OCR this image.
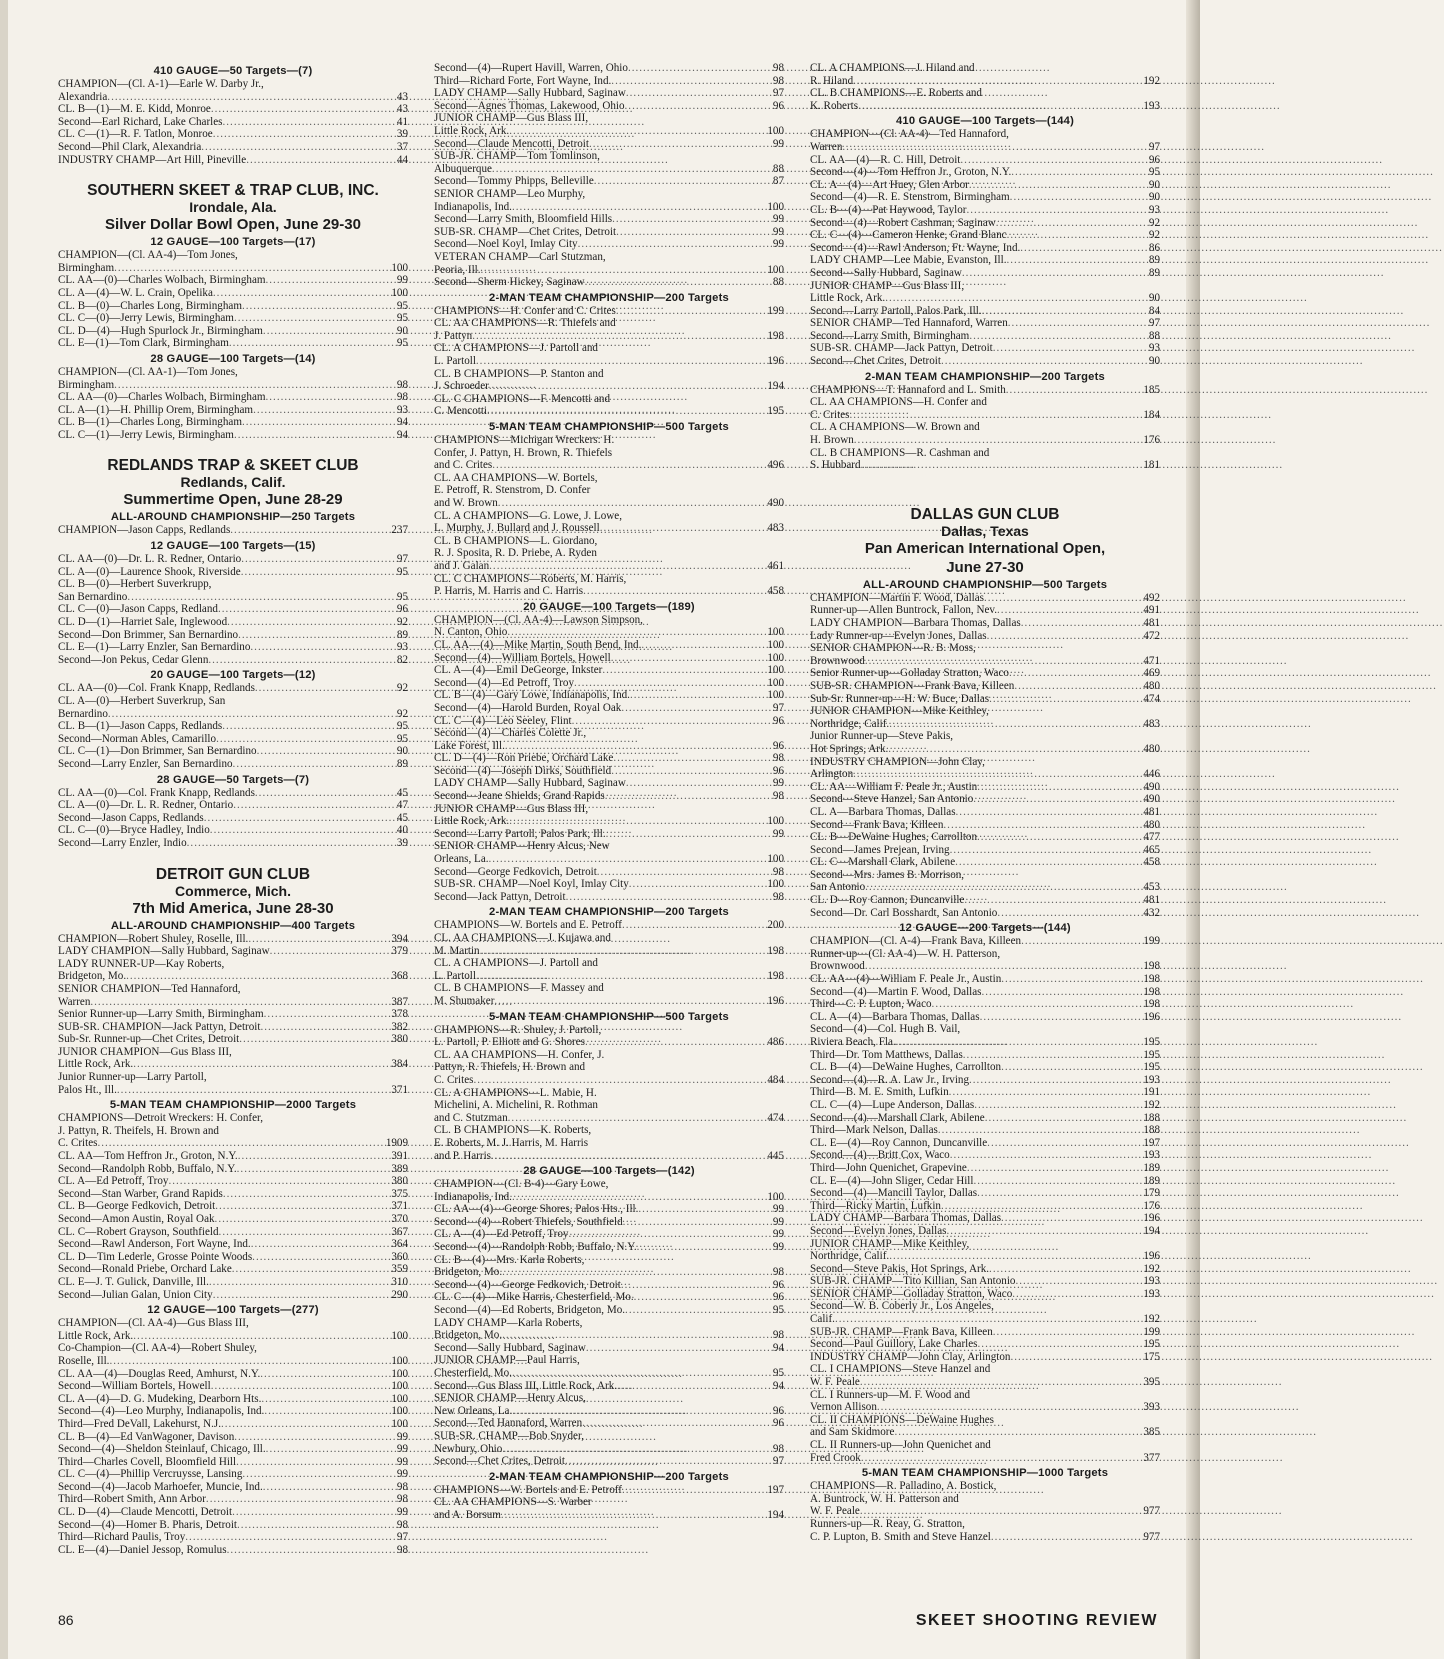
410 GAUGE—50 Targets—(7)
CHAMPION—(Cl. A-1)—Earle W. Darby Jr.,
Alexandria .....	43
CL. B—(1)—M. E. Kidd, Monroe .....	43
Second—Earl Richard, Lake Charles .....	41
CL. C—(1)—R. F. Tatlon, Monroe .....	39
Second—Phil Clark, Alexandria .....	37
INDUSTRY CHAMP—Art Hill, Pineville .....	44
SOUTHERN SKEET & TRAP CLUB, INC.
Irondale, Ala.
Silver Dollar Bowl Open, June 29-30
12 GAUGE—100 Targets—(17)
CHAMPION—(Cl. AA-4)—Tom Jones,
Birmingham .....	100
CL. AA—(0)—Charles Wolbach, Birmingham .....	99
CL. A—(4)—W. L. Crain, Opelika .....	100
CL. B—(0)—Charles Long, Birmingham .....	95
CL. C—(0)—Jerry Lewis, Birmingham .....	95
CL. D—(4)—Hugh Spurlock Jr., Birmingham .....	90
CL. E—(1)—Tom Clark, Birmingham .....	95
28 GAUGE—100 Targets—(14)
CHAMPION—(Cl. AA-1)—Tom Jones,
Birmingham .....	98
CL. AA—(0)—Charles Wolbach, Birmingham .....	98
CL. A—(1)—H. Phillip Orem, Birmingham .....	93
CL. B—(1)—Charles Long, Birmingham .....	94
CL. C—(1)—Jerry Lewis, Birmingham .....	94
REDLANDS TRAP & SKEET CLUB
Redlands, Calif.
Summertime Open, June 28-29
ALL-AROUND CHAMPIONSHIP—250 Targets
CHAMPION—Jason Capps, Redlands .....	237
12 GAUGE—100 Targets—(15)
CL. AA—(0)—Dr. L. R. Redner, Ontario .....	97
CL. A—(0)—Laurence Shook, Riverside .....	95
CL. B—(0)—Herbert Suverkrupp,
San Bernardino .....	95
CL. C—(0)—Jason Capps, Redland .....	96
CL. D—(1)—Harriet Sale, Inglewood .....	92
Second—Don Brimmer, San Bernardino .....	89
CL. E—(1)—Larry Enzler, San Bernardino .....	93
Second—Jon Pekus, Cedar Glenn .....	82
20 GAUGE—100 Targets—(12)
CL. AA—(0)—Col. Frank Knapp, Redlands .....	92
CL. A—(0)—Herbert Suverkrup, San
Bernardino .....	92
CL. B—(1)—Jason Capps, Redlands .....	95
Second—Norman Ables, Camarillo .....	95
CL. C—(1)—Don Brimmer, San Bernardino .....	90
Second—Larry Enzler, San Bernardino .....	89
28 GAUGE—50 Targets—(7)
CL. AA—(0)—Col. Frank Knapp, Redlands .....	45
CL. A—(0)—Dr. L. R. Redner, Ontario .....	47
Second—Jason Capps, Redlands .....	45
CL. C—(0)—Bryce Hadley, Indio .....	40
Second—Larry Enzler, Indio .....	39
DETROIT GUN CLUB
Commerce, Mich.
7th Mid America, June 28-30
ALL-AROUND CHAMPIONSHIP—400 Targets
CHAMPION—Robert Shuley, Roselle, Ill. .....	394
LADY CHAMPION—Sally Hubbard, Saginaw .....	379
LADY RUNNER-UP—Kay Roberts,
Bridgeton, Mo. .....	368
SENIOR CHAMPION—Ted Hannaford,
Warren .....	387
Senior Runner-up—Larry Smith, Birmingham .....	378
SUB-SR. CHAMPION—Jack Pattyn, Detroit .....	382
Sub-Sr. Runner-up—Chet Crites, Detroit .....	380
JUNIOR CHAMPION—Gus Blass III,
Little Rock, Ark. .....	384
Junior Runner-up—Larry Partoll,
Palos Ht., Ill. .....	371
5-MAN TEAM CHAMPIONSHIP—2000 Targets
CHAMPIONS—Detroit Wreckers: H. Confer,
J. Pattyn, R. Theifels, H. Brown and
C. Crites .....	1909
CL. AA—Tom Heffron Jr., Groton, N.Y. .....	391
Second—Randolph Robb, Buffalo, N.Y. .....	389
CL. A—Ed Petroff, Troy .....	380
Second—Stan Warber, Grand Rapids .....	375
CL. B—George Fedkovich, Detroit .....	371
Second—Amon Austin, Royal Oak .....	370
CL. C—Robert Grayson, Southfield .....	367
Second—Rawl Anderson, Fort Wayne, Ind. .....	364
CL. D—Tim Lederle, Grosse Pointe Woods .....	360
Second—Ronald Priebe, Orchard Lake .....	359
CL. E—J. T. Gulick, Danville, Ill. .....	310
Second—Julian Galan, Union City .....	290
12 GAUGE—100 Targets—(277)
CHAMPION—(Cl. AA-4)—Gus Blass III,
Little Rock, Ark. .....	100
Co-Champion—(Cl. AA-4)—Robert Shuley,
Roselle, Ill. .....	100
CL. AA—(4)—Douglas Reed, Amhurst, N.Y. .....	100
Second—William Bortels, Howell .....	100
CL. A—(4)—D. G. Mudeking, Dearborn Hts. .....	100
Second—(4)—Leo Murphy, Indianapolis, Ind. .....	100
Third—Fred DeVall, Lakehurst, N.J. .....	100
CL. B—(4)—Ed VanWagoner, Davison .....	99
Second—(4)—Sheldon Steinlauf, Chicago, Ill. .....	99
Third—Charles Covell, Bloomfield Hill .....	99
CL. C—(4)—Phillip Vercruysse, Lansing .....	99
Second—(4)—Jacob Marhoefer, Muncie, Ind. .....	98
Third—Robert Smith, Ann Arbor .....	98
CL. D—(4)—Claude Mencotti, Detroit .....	99
Second—(4)—Homer B. Pharis, Detroit .....	98
Third—Richard Paulis, Troy .....	97
CL. E—(4)—Daniel Jessop, Romulus .....	98
Second—(4)—Rupert Havill, Warren, Ohio .....	98
Third—Richard Forte, Fort Wayne, Ind. .....	98
LADY CHAMP—Sally Hubbard, Saginaw .....	97
Second—Agnes Thomas, Lakewood, Ohio .....	96
JUNIOR CHAMP—Gus Blass III,
Little Rock, Ark. .....	100
Second—Claude Mencotti, Detroit .....	99
SUB-JR. CHAMP—Tom Tomlinson,
Albuquerque .....	88
Second—Tommy Phipps, Belleville .....	87
SENIOR CHAMP—Leo Murphy,
Indianapolis, Ind. .....	100
Second—Larry Smith, Bloomfield Hills .....	99
SUB-SR. CHAMP—Chet Crites, Detroit .....	99
Second—Noel Koyl, Imlay City .....	99
VETERAN CHAMP—Carl Stutzman,
Peoria, Ill. .....	100
Second—Sherm Hickey, Saginaw .....	88
2-MAN TEAM CHAMPIONSHIP—200 Targets
CHAMPIONS—H. Confer and C. Crites .....	199
CL. AA CHAMPIONS—R. Thiefels and
J. Pattyn .....	198
CL. A CHAMPIONS—J. Partoll and
L. Partoll .....	196
CL. B CHAMPIONS—P. Stanton and
J. Schroeder .....	194
CL. C CHAMPIONS—F. Mencotti and
C. Mencotti .....	195
5-MAN TEAM CHAMPIONSHIP—500 Targets
CHAMPIONS—Michigan Wreckers: H.
Confer, J. Pattyn, H. Brown, R. Thiefels
and C. Crites .....	496
CL. AA CHAMPIONS—W. Bortels,
E. Petroff, R. Stenstrom, D. Confer
and W. Brown .....	490
CL. A CHAMPIONS—G. Lowe, J. Lowe,
L. Murphy, J. Bullard and J. Roussell .....	483
CL. B CHAMPIONS—L. Giordano,
R. J. Sposita, R. D. Priebe, A. Ryden
and J. Galan .....	461
CL. C CHAMPIONS—Roberts, M. Harris,
P. Harris, M. Harris and C. Harris .....	458
20 GAUGE—100 Targets—(189)
CHAMPION—(Cl. AA-4)—Lawson Simpson,
N. Canton, Ohio .....	100
CL. AA—(4)—Mike Martin, South Bend, Ind. .....	100
Second—(4)—William Bortels, Howell .....	100
CL. A—(4)—Emil DeGeorge, Inkster .....	100
Second—(4)—Ed Petroff, Troy .....	100
CL. B—(4)—Gary Lowe, Indianapolis, Ind. .....	100
Second—(4)—Harold Burden, Royal Oak .....	97
CL. C—(4)—Leo Seeley, Flint .....	96
Second—(4)—Charles Colette Jr.,
Lake Forest, Ill. .....	96
CL. D—(4)—Ron Priebe, Orchard Lake .....	98
Second—(4)—Joseph Dirks, Southfield .....	96
LADY CHAMP—Sally Hubbard, Saginaw .....	99
Second—Jeane Shields, Grand Rapids .....	98
JUNIOR CHAMP—Gus Blass III,
Little Rock, Ark. .....	100
Second—Larry Partoll, Palos Park, Ill. .....	99
SENIOR CHAMP—Henry Alcus, New
Orleans, La. .....	100
Second—George Fedkovich, Detroit .....	98
SUB-SR. CHAMP—Noel Koyl, Imlay City .....	100
Second—Jack Pattyn, Detroit .....	98
2-MAN TEAM CHAMPIONSHIP—200 Targets
CHAMPIONS—W. Bortels and E. Petroff .....	200
CL. AA CHAMPIONS—J. Kujawa and
M. Martin .....	198
CL. A CHAMPIONS—J. Partoll and
L. Partoll .....	198
CL. B CHAMPIONS—F. Massey and
M. Shumaker .....	196
5-MAN TEAM CHAMPIONSHIP—500 Targets
CHAMPIONS—R. Shuley, J. Partoll,
L. Partoll, P. Elliott and G. Shores .....	486
CL. AA CHAMPIONS—H. Confer, J.
Pattyn, R. Thiefels, H. Brown and
C. Crites .....	484
CL. A CHAMPIONS—L. Mabie, H.
Michelini, A. Michelini, R. Rothman
and C. Stutzman .....	474
CL. B CHAMPIONS—K. Roberts,
E. Roberts, M. J. Harris, M. Harris
and P. Harris .....	445
28 GAUGE—100 Targets—(142)
CHAMPION—(Cl. B-4)—Gary Lowe,
Indianapolis, Ind. .....	100
CL. AA—(4)—George Shores, Palos Hts., Ill. .....	99
Second—(4)—Robert Thiefels, Southfield .....	99
CL. A—(4)—Ed Petroff, Troy .....	99
Second—(4)—Randolph Robb, Buffalo, N.Y. .....	99
CL. B—(4)—Mrs. Karla Roberts,
Bridgeton, Mo. .....	98
Second—(4)—George Fedkovich, Detroit .....	96
CL. C—(4)—Mike Harris, Chesterfield, Mo. .....	96
Second—(4)—Ed Roberts, Bridgeton, Mo. .....	95
LADY CHAMP—Karla Roberts,
Bridgeton, Mo. .....	98
Second—Sally Hubbard, Saginaw .....	94
JUNIOR CHAMP—Paul Harris,
Chesterfield, Mo. .....	95
Second—Gus Blass III, Little Rock, Ark. .....	94
SENIOR CHAMP—Henry Alcus,
New Orleans, La. .....	96
Second—Ted Hannaford, Warren .....	96
SUB-SR. CHAMP—Bob Snyder,
Newbury, Ohio .....	98
Second—Chet Crites, Detroit .....	97
2-MAN TEAM CHAMPIONSHIP—200 Targets
CHAMPIONS—W. Bortels and E. Petroff .....	197
CL. AA CHAMPIONS—S. Warber
and A. Borsum .....	194
CL. A CHAMPIONS—J. Hiland and
R. Hiland .....	192
CL. B CHAMPIONS—E. Roberts and
K. Roberts .....	193
410 GAUGE—100 Targets—(144)
CHAMPION—(Cl. AA-4)—Ted Hannaford,
Warren .....	97
CL. AA—(4)—R. C. Hill, Detroit .....	96
Second—(4)—Tom Heffron Jr., Groton, N.Y. .....	95
CL. A—(4)—Art Huey, Glen Arbor .....	90
Second—(4)—R. E. Stenstrom, Birmingham .....	90
CL. B—(4)—Pat Haywood, Taylor .....	93
Second—(4)—Robert Cashman, Saginaw .....	92
CL. C—(4)—Cameron Henke, Grand Blanc .....	92
Second—(4)—Rawl Anderson, Ft. Wayne, Ind. .....	86
LADY CHAMP—Lee Mabie, Evanston, Ill. .....	89
Second—Sally Hubbard, Saginaw .....	89
JUNIOR CHAMP—Gus Blass III,
Little Rock, Ark. .....	90
Second—Larry Partoll, Palos Park, Ill. .....	84
SENIOR CHAMP—Ted Hannaford, Warren .....	97
Second—Larry Smith, Birmingham .....	88
SUB-SR. CHAMP—Jack Pattyn, Detroit .....	93
Second—Chet Crites, Detroit .....	90
2-MAN TEAM CHAMPIONSHIP—200 Targets
CHAMPIONS—T. Hannaford and L. Smith .....	185
CL. AA CHAMPIONS—H. Confer and
C. Crites .....	184
CL. A CHAMPIONS—W. Brown and
H. Brown .....	176
CL. B CHAMPIONS—R. Cashman and
S. Hubbard .....	181
DALLAS GUN CLUB
Dallas, Texas
Pan American International Open,
June 27-30
ALL-AROUND CHAMPIONSHIP—500 Targets
CHAMPION—Martin F. Wood, Dallas .....	492
Runner-up—Allen Buntrock, Fallon, Nev. .....	491
LADY CHAMPION—Barbara Thomas, Dallas .....	481
Lady Runner-up—Evelyn Jones, Dallas .....	472
SENIOR CHAMPION—R. B. Moss,
Brownwood .....	471
Senior Runner-up—Golladay Stratton, Waco .....	469
SUB-SR. CHAMPION—Frank Bava, Killeen .....	480
Sub-Sr. Runner-up—H. W. Buce, Dallas .....	474
JUNIOR CHAMPION—Mike Keithley,
Northridge, Calif. .....	483
Junior Runner-up—Steve Pakis,
Hot Springs, Ark. .....	480
INDUSTRY CHAMPION—John Clay,
Arlington .....	446
CL. AA—William F. Peale Jr., Austin .....	490
Second—Steve Hanzel, San Antonio .....	490
CL. A—Barbara Thomas, Dallas .....	481
Second—Frank Bava, Killeen .....	480
CL. B—DeWaine Hughes, Carrollton .....	477
Second—James Prejean, Irving .....	465
CL. C—Marshall Clark, Abilene .....	458
Second—Mrs. James B. Morrison,
San Antonio .....	453
CL. D—Roy Cannon, Duncanville .....	481
Second—Dr. Carl Bosshardt, San Antonio .....	432
12 GAUGE—200 Targets—(144)
CHAMPION—(Cl. A-4)—Frank Bava, Killeen .....	199
Runner-up—(Cl. AA-4)—W. H. Patterson,
Brownwood .....	198
CL. AA—(4)—William F. Peale Jr., Austin .....	198
Second—(4)—Martin F. Wood, Dallas .....	198
Third—C. P. Lupton, Waco .....	198
CL. A—(4)—Barbara Thomas, Dallas .....	196
Second—(4)—Col. Hugh B. Vail,
Riviera Beach, Fla. .....	195
Third—Dr. Tom Matthews, Dallas .....	195
CL. B—(4)—DeWaine Hughes, Carrollton .....	195
Second—(4)—R. A. Law Jr., Irving .....	193
Third—B. M. E. Smith, Lufkin .....	191
CL. C—(4)—Lupe Anderson, Dallas .....	192
Second—(4)—Marshall Clark, Abilene .....	188
Third—Mark Nelson, Dallas .....	188
CL. E—(4)—Roy Cannon, Duncanville .....	197
Second—(4)—Britt Cox, Waco .....	193
Third—John Quenichet, Grapevine .....	189
CL. E—(4)—John Sliger, Cedar Hill .....	189
Second—(4)—Mancill Taylor, Dallas .....	179
Third—Ricky Martin, Lufkin .....	176
LADY CHAMP—Barbara Thomas, Dallas .....	196
Second—Evelyn Jones, Dallas .....	194
JUNIOR CHAMP—Mike Keithley,
Northridge, Calif. .....	196
Second—Steve Pakis, Hot Springs, Ark. .....	192
SUB-JR. CHAMP—Tito Killian, San Antonio .....	193
SENIOR CHAMP—Golladay Stratton, Waco .....	193
Second—W. B. Coberly Jr., Los Angeles,
Calif. .....	192
SUB-JR. CHAMP—Frank Bava, Killeen .....	199
Second—Paul Guillory, Lake Charles .....	195
INDUSTRY CHAMP—John Clay, Arlington .....	175
CL. I CHAMPIONS—Steve Hanzel and
W. F. Peale .....	395
CL. I Runners-up—M. F. Wood and
Vernon Allison .....	393
CL. II CHAMPIONS—DeWaine Hughes
and Sam Skidmore .....	385
CL. II Runners-up—John Quenichet and
Fred Crook .....	377
5-MAN TEAM CHAMPIONSHIP—1000 Targets
CHAMPIONS—R. Palladino, A. Bostick,
A. Buntrock, W. H. Patterson and
W. F. Peale .....	977
Runners-up—R. Reay, G. Stratton,
C. P. Lupton, B. Smith and Steve Hanzel .....	977
86	SKEET SHOOTING REVIEW
